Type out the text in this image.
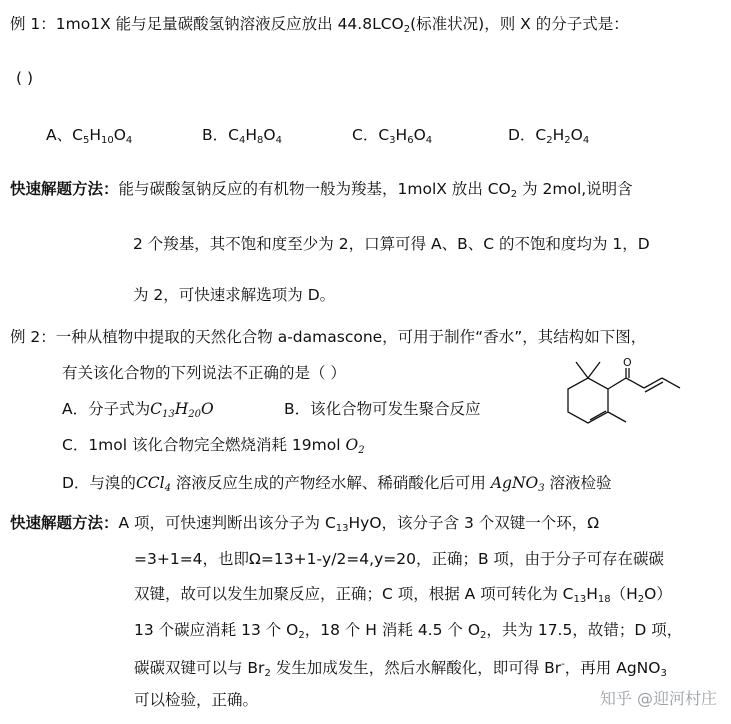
例 1：1mo1X 能与足量碳酸氢钠溶液反应放出 $44.8LCO_2$(标准状况)，则 X 的分子式是：
( )
A、$C_5H_{10}O_4$	B．$C_4H_8O_4$	C．$C_3H_6O_4$	D．$C_2H_2O_4$
快速解题方法：能与碳酸氢钠反应的有机物一般为羧基，1molX 放出 $CO_2$ 为 2mol,说明含
2 个羧基，其不饱和度至少为 2，口算可得 A、B、C 的不饱和度均为 1，D
为 2，可快速求解选项为 D。
例 2：一种从植物中提取的天然化合物 a-damascone，可用于制作“香水”，其结构如下图，
有关该化合物的下列说法不正确的是（ ）
A．分子式为$C_{13}H_{20}O$	B．该化合物可发生聚合反应
C．1mol 该化合物完全燃烧消耗 19mol $O_2$
D．与溴的CCl$_4$ 溶液反应生成的产物经水解、稀硝酸化后可用 AgNO$_3$ 溶液检验
O
快速解题方法：A 项，可快速判断出该分子为 $C_{13}HyO$，该分子含 3 个双键一个环，Ω
=3+1=4，也即Ω=13+1-y/2=4,y=20，正确；B 项，由于分子可存在碳碳
双键，故可以发生加聚反应，正确；C 项，根据 A 项可转化为 $C_{13}H_{18}(H_2O)$
13 个碳应消耗 13 个 $O_2$，18 个 H 消耗 4.5 个 $O_2$，共为 17.5，故错；D 项，
碳碳双键可以与 $Br_2$ 发生加成发生，然后水解酸化，即可得 Br-，再用 AgNO$_3$
可以检验，正确。	知乎 @迎河村庄
